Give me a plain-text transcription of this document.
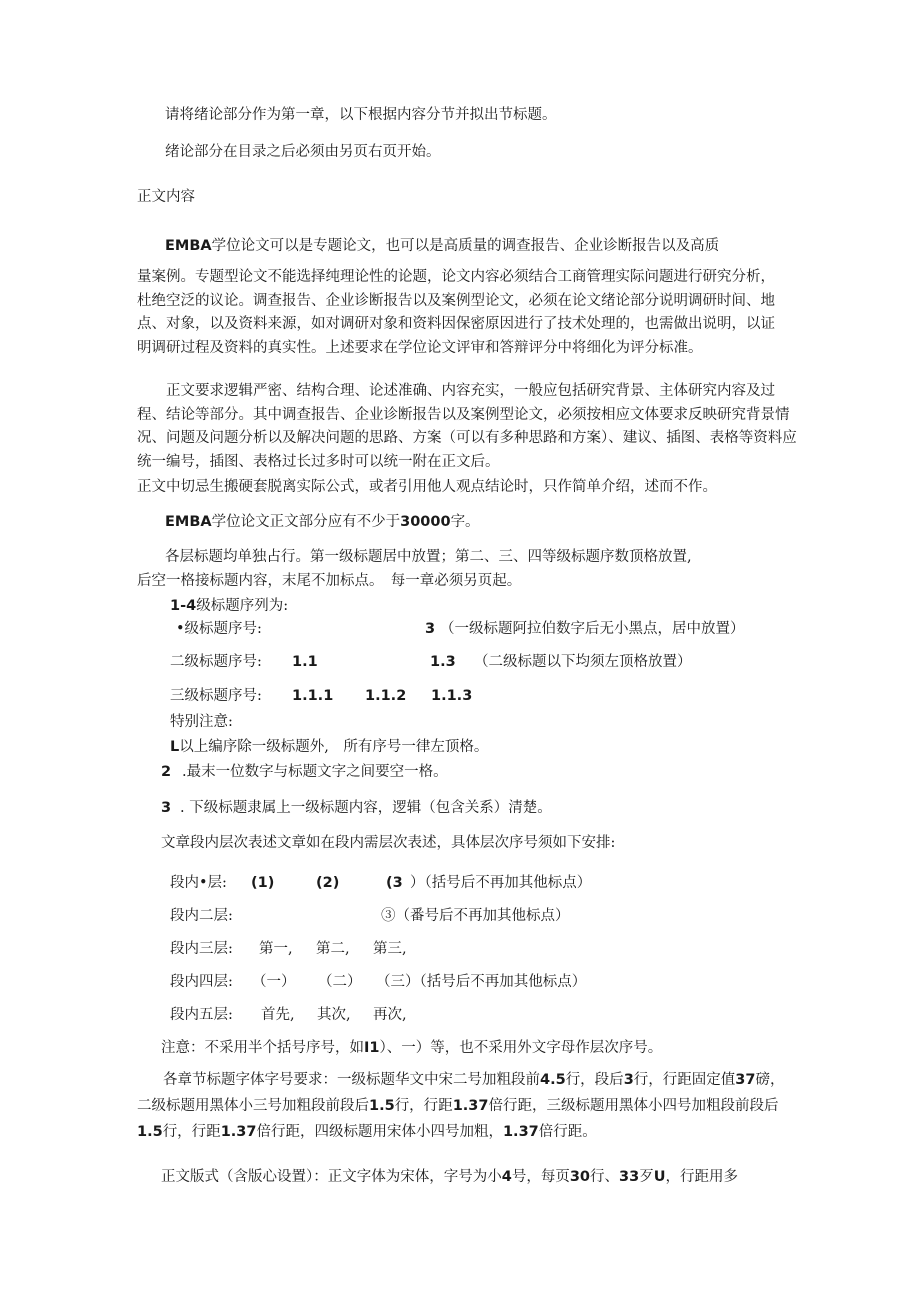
请将绪论部分作为第一章，以下根据内容分节并拟出节标题。

绪论部分在目录之后必须由另页右页开始。

正文内容

EMBA学位论文可以是专题论文，也可以是高质量的调查报告、企业诊断报告以及高质

量案例。专题型论文不能选择纯理论性的论题，论文内容必须结合工商管理实际问题进行研究分析，杜绝空泛的议论。调查报告、企业诊断报告以及案例型论文，必须在论文绪论部分说明调研时间、地点、对象，以及资料来源，如对调研对象和资料因保密原因进行了技术处理的，也需做出说明，以证明调研过程及资料的真实性。上述要求在学位论文评审和答辩评分中将细化为评分标准。

正文要求逻辑严密、结构合理、论述准确、内容充实，一般应包括研究背景、主体研究内容及过程、结论等部分。其中调查报告、企业诊断报告以及案例型论文，必须按相应文体要求反映研究背景情况、问题及问题分析以及解决问题的思路、方案（可以有多种思路和方案）、建议、插图、表格等资料应统一编号，插图、表格过长过多时可以统一附在正文后。

正文中切忌生搬硬套脱离实际公式，或者引用他人观点结论时，只作简单介绍，述而不作。

EMBA学位论文正文部分应有不少于30000字。

各层标题均单独占行。第一级标题居中放置；第二、三、四等级标题序数顶格放置,

后空一格接标题内容，末尾不加标点。　每一章必须另页起。

1-4级标题序列为:

•级标题序号:	3 （一级标题阿拉伯数字后无小黑点，居中放置）
二级标题序号: 1.1	1.3 （二级标题以下均须左顶格放置）
三级标题序号: 1.1.1 1.1.2 1.1.3

特别注意:

L以上编序除一级标题外,　所有序号一律左顶格。

2 .最末一位数字与标题文字之间要空一格。
3 . 下级标题隶属上一级标题内容，逻辑（包含关系）清楚。

文章段内层次表述文章如在段内需层次表述，具体层次序号须如下安排:

段内•层: (1)	(2)	(3 ）（括号后不再加其他标点）
段内二层:	③（番号后不再加其他标点）
段内三层: 第一, 第二, 第三,
段内四层: （一） （二） （三）（括号后不再加其他标点）
段内五层: 首先, 其次, 再次,

注意：不采用半个括号序号，如I1）、一）等，也不采用外文字母作层次序号。

各章节标题字体字号要求：一级标题华文中宋二号加粗段前4.5行，段后3行，行距固定值37磅，二级标题用黑体小三号加粗段前段后1.5行，行距1.37倍行距，三级标题用黑体小四号加粗段前段后1.5行，行距1.37倍行距，四级标题用宋体小四号加粗，1.37倍行距。

正文版式（含版心设置）：正文字体为宋体，字号为小4号，每页30行、33歹U，行距用多
